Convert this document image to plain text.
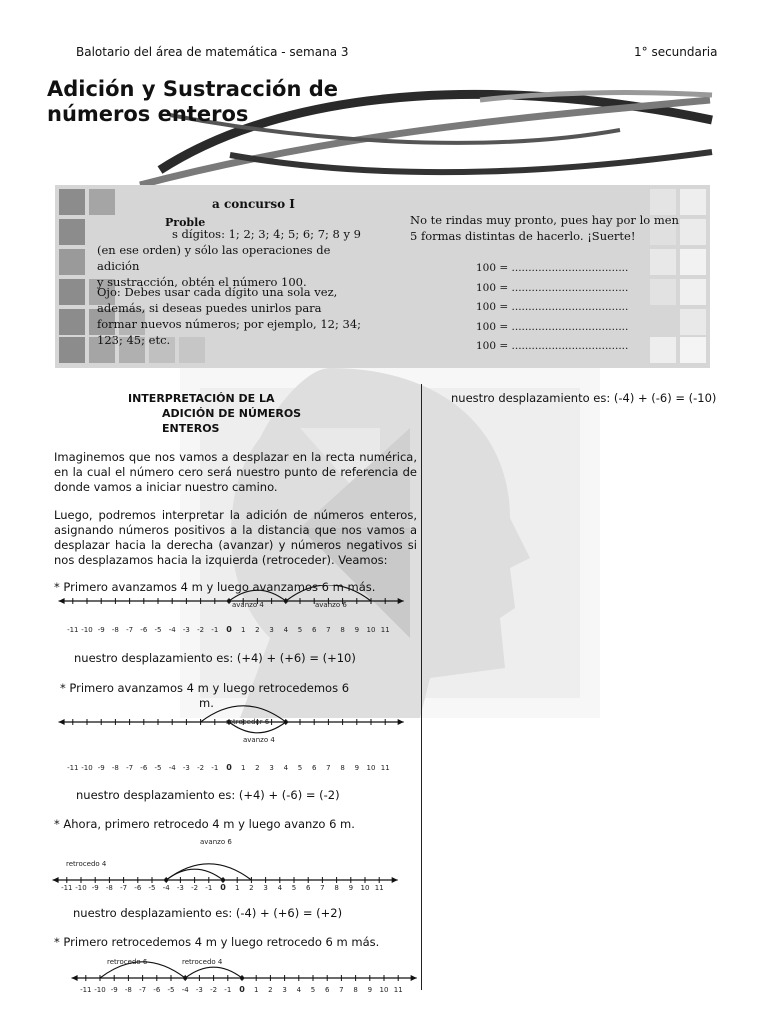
Balotario del área de matemática - semana 3	1° secundaria
Adición y Sustracción de
números enteros
a concurso I
Proble
s dígitos: 1; 2; 3; 4; 5; 6; 7; 8 y 9
(en ese orden) y sólo las operaciones de adición
y sustracción, obtén el número 100.
Ojo: Debes usar cada dígito una sola vez,
además, si deseas puedes unirlos para
formar nuevos números; por ejemplo, 12; 34;
123; 45; etc.
No te rindas muy pronto, pues hay por lo men
5 formas distintas de hacerlo. ¡Suerte!
100 = ...................................
100 = ...................................
100 = ...................................
100 = ...................................
100 = ...................................
nuestro desplazamiento es: (-4) + (-6) = (-10)
INTERPRETACIÓN DE LA
ADICIÓN DE NÚMEROS
ENTEROS
Imaginemos que nos vamos a desplazar en la recta numérica, en la cual el número cero será nuestro punto de referencia de donde vamos a iniciar nuestro camino.
Luego, podremos interpretar la adición de números enteros, asignando números positivos a la distancia que nos vamos a desplazar hacia la derecha (avanzar) y números negativos si nos desplazamos hacia la izquierda (retroceder). Veamos:
* Primero avanzamos 4 m y luego avanzamos 6 m más.
-11 -10 -9 -8 -7 -6 -5 -4 -3 -2 -1 0 1 2 3 4 5 6 7 8 9 10 11
avanzo 4	avanzo 6
nuestro desplazamiento es: (+4) + (+6) = (+10)
* Primero avanzamos 4 m y luego retrocedemos 6
m.
-11 -10 -9 -8 -7 -6 -5 -4 -3 -2 -1 0 1 2 3 4 5 6 7 8 9 10 11
retroceder 6
avanzo 4
nuestro desplazamiento es: (+4) + (-6) = (-2)
* Ahora, primero retrocedo 4 m y luego avanzo 6 m.
-11 -10 -9 -8 -7 -6 -5 -4 -3 -2 -1 0 1 2 3 4 5 6 7 8 9 10 11
avanzo 6
retrocedo 4
nuestro desplazamiento es: (-4) + (+6) = (+2)
* Primero retrocedemos 4 m y luego retrocedo 6 m más.
-11 -10 -9 -8 -7 -6 -5 -4 -3 -2 -1 0 1 2 3 4 5 6 7 8 9 10 11
retrocedo 4
retrocedo 6
